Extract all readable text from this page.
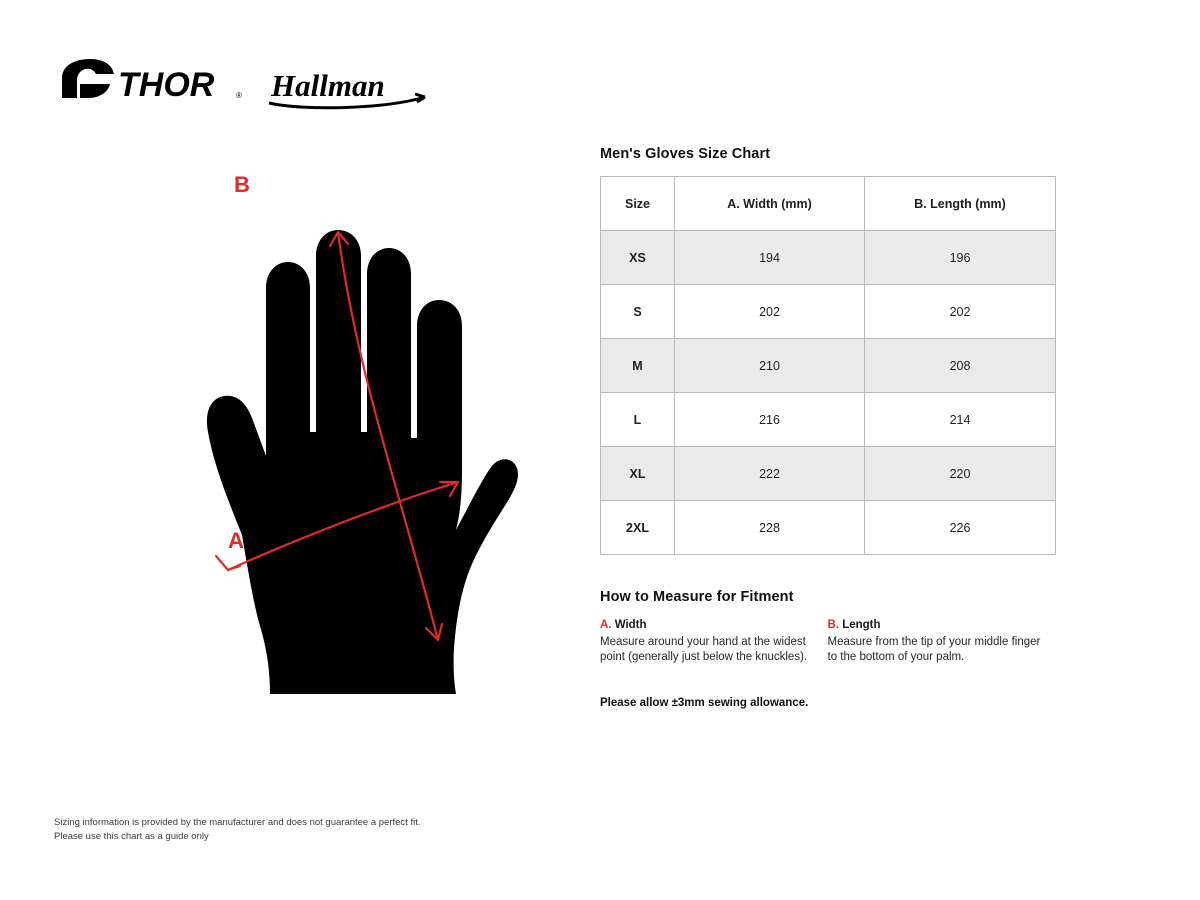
THOR	® Hallman
A
B
Men's Gloves Size Chart
Size	A. Width (mm)	B. Length (mm)
XS	194	196
S	202	202
M	210	208
L	216	214
XL	222	220
2XL	228	226
How to Measure for Fitment
A. Width
Measure around your hand at the widest point (generally just below the knuckles).
B. Length
Measure from the tip of your middle finger to the bottom of your palm.
Please allow ±3mm sewing allowance.
Sizing information is provided by the manufacturer and does not guarantee a perfect fit.
Please use this chart as a guide only
